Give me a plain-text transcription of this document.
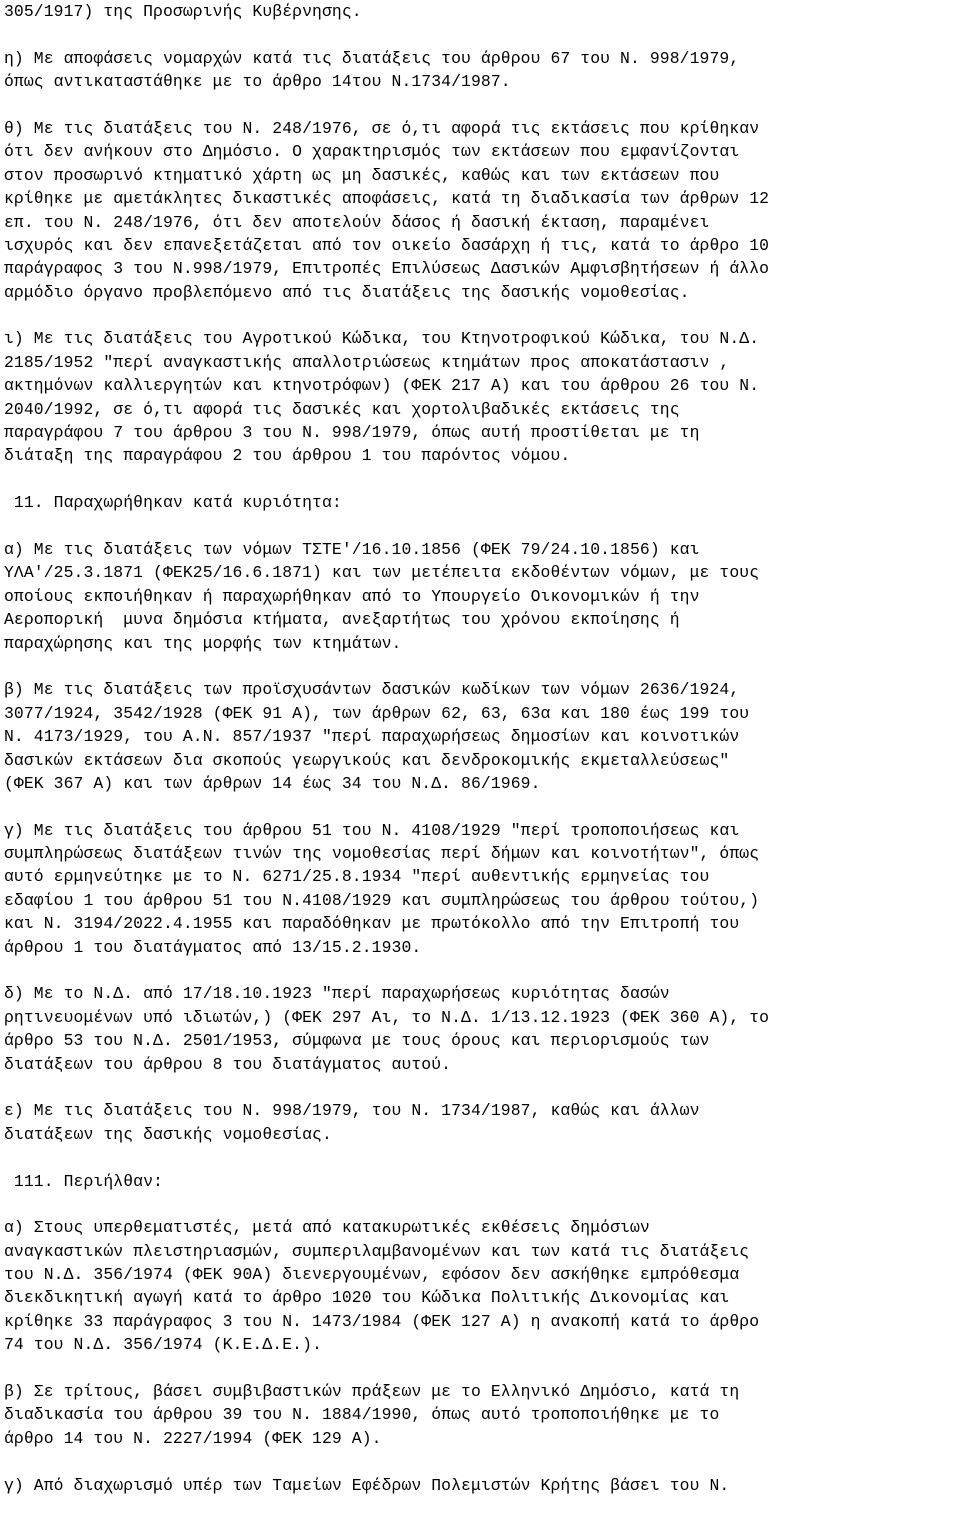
305/1917) της Προσωρινής Κυβέρνησης.
η) Με αποφάσεις νομαρχών κατά τις διατάξεις του άρθρου 67 του Ν. 998/1979,
όπως αντικαταστάθηκε με το άρθρο 14του Ν.1734/1987.
θ) Με τις διατάξεις του Ν. 248/1976, σε ό,τι αφορά τις εκτάσεις που κρίθηκαν
ότι δεν ανήκουν στο Δημόσιο. Ο χαρακτηρισμός των εκτάσεων που εμφανίζονται
στον προσωρινό κτηματικό χάρτη ως μη δασικές, καθώς και των εκτάσεων που
κρίθηκε με αμετάκλητες δικαστικές αποφάσεις, κατά τη διαδικασία των άρθρων 12
επ. του Ν. 248/1976, ότι δεν αποτελούν δάσος ή δασική έκταση, παραμένει
ισχυρός και δεν επανεξετάζεται από τον οικείο δασάρχη ή τις, κατά το άρθρο 10
παράγραφος 3 του Ν.998/1979, Επιτροπές Επιλύσεως Δασικών Αμφισβητήσεων ή άλλο
αρμόδιο όργανο προβλεπόμενο από τις διατάξεις της δασικής νομοθεσίας.
ι) Με τις διατάξεις του Αγροτικού Κώδικα, του Κτηνοτροφικού Κώδικα, του Ν.Δ.
2185/1952 "περί αναγκαστικής απαλλοτριώσεως κτημάτων προς αποκατάστασιν ,
ακτημόνων καλλιεργητών και κτηνοτρόφων) (ΦΕΚ 217 Α) και του άρθρου 26 του Ν.
2040/1992, σε ό,τι αφορά τις δασικές και χορτολιβαδικές εκτάσεις της
παραγράφου 7 του άρθρου 3 του Ν. 998/1979, όπως αυτή προστίθεται με τη
διάταξη της παραγράφου 2 του άρθρου 1 του παρόντος νόμου.
11. Παραχωρήθηκαν κατά κυριότητα:
α) Με τις διατάξεις των νόμων ΤΣΤΕ'/16.10.1856 (ΦΕΚ 79/24.10.1856) και
ΥΛΑ'/25.3.1871 (ΦΕΚ25/16.6.1871) και των μετέπειτα εκδοθέντων νόμων, με τους
οποίους εκποιήθηκαν ή παραχωρήθηκαν από το Υπουργείο Οικονομικών ή την
Αεροπορική  μυνα δημόσια κτήματα, ανεξαρτήτως του χρόνου εκποίησης ή
παραχώρησης και της μορφής των κτημάτων.
β) Με τις διατάξεις των προϊσχυσάντων δασικών κωδίκων των νόμων 2636/1924,
3077/1924, 3542/1928 (ΦΕΚ 91 Α), των άρθρων 62, 63, 63α και 180 έως 199 του
Ν. 4173/1929, του Α.Ν. 857/1937 "περί παραχωρήσεως δημοσίων και κοινοτικών
δασικών εκτάσεων δια σκοπούς γεωργικούς και δενδροκομικής εκμεταλλεύσεως"
(ΦΕΚ 367 Α) και των άρθρων 14 έως 34 του Ν.Δ. 86/1969.
γ) Με τις διατάξεις του άρθρου 51 του Ν. 4108/1929 "περί τροποποιήσεως και
συμπληρώσεως διατάξεων τινών της νομοθεσίας περί δήμων και κοινοτήτων", όπως
αυτό ερμηνεύτηκε με το Ν. 6271/25.8.1934 "περί αυθεντικής ερμηνείας του
εδαφίου 1 του άρθρου 51 του Ν.4108/1929 και συμπληρώσεως του άρθρου τούτου,)
και Ν. 3194/2022.4.1955 και παραδόθηκαν με πρωτόκολλο από την Επιτροπή του
άρθρου 1 του διατάγματος από 13/15.2.1930.
δ) Με το Ν.Δ. από 17/18.10.1923 "περί παραχωρήσεως κυριότητας δασών
ρητινευομένων υπό ιδιωτών,) (ΦΕΚ 297 Αι, το Ν.Δ. 1/13.12.1923 (ΦΕΚ 360 Α), το
άρθρο 53 του Ν.Δ. 2501/1953, σύμφωνα με τους όρους και περιορισμούς των
διατάξεων του άρθρου 8 του διατάγματος αυτού.
ε) Με τις διατάξεις του Ν. 998/1979, του Ν. 1734/1987, καθώς και άλλων
διατάξεων της δασικής νομοθεσίας.
111. Περιήλθαν:
α) Στους υπερθεματιστές, μετά από κατακυρωτικές εκθέσεις δημόσιων
αναγκαστικών πλειστηριασμών, συμπεριλαμβανομένων και των κατά τις διατάξεις
του Ν.Δ. 356/1974 (ΦΕΚ 90Α) διενεργουμένων, εφόσον δεν ασκήθηκε εμπρόθεσμα
διεκδικητική αγωγή κατά το άρθρο 1020 του Κώδικα Πολιτικής Δικονομίας και
κρίθηκε 33 παράγραφος 3 του Ν. 1473/1984 (ΦΕΚ 127 Α) η ανακοπή κατά το άρθρο
74 του Ν.Δ. 356/1974 (Κ.Ε.Δ.Ε.).
β) Σε τρίτους, βάσει συμβιβαστικών πράξεων με το Ελληνικό Δημόσιο, κατά τη
διαδικασία του άρθρου 39 του Ν. 1884/1990, όπως αυτό τροποποιήθηκε με το
άρθρο 14 του Ν. 2227/1994 (ΦΕΚ 129 Α).
γ) Από διαχωρισμό υπέρ των Ταμείων Εφέδρων Πολεμιστών Κρήτης βάσει του Ν.
